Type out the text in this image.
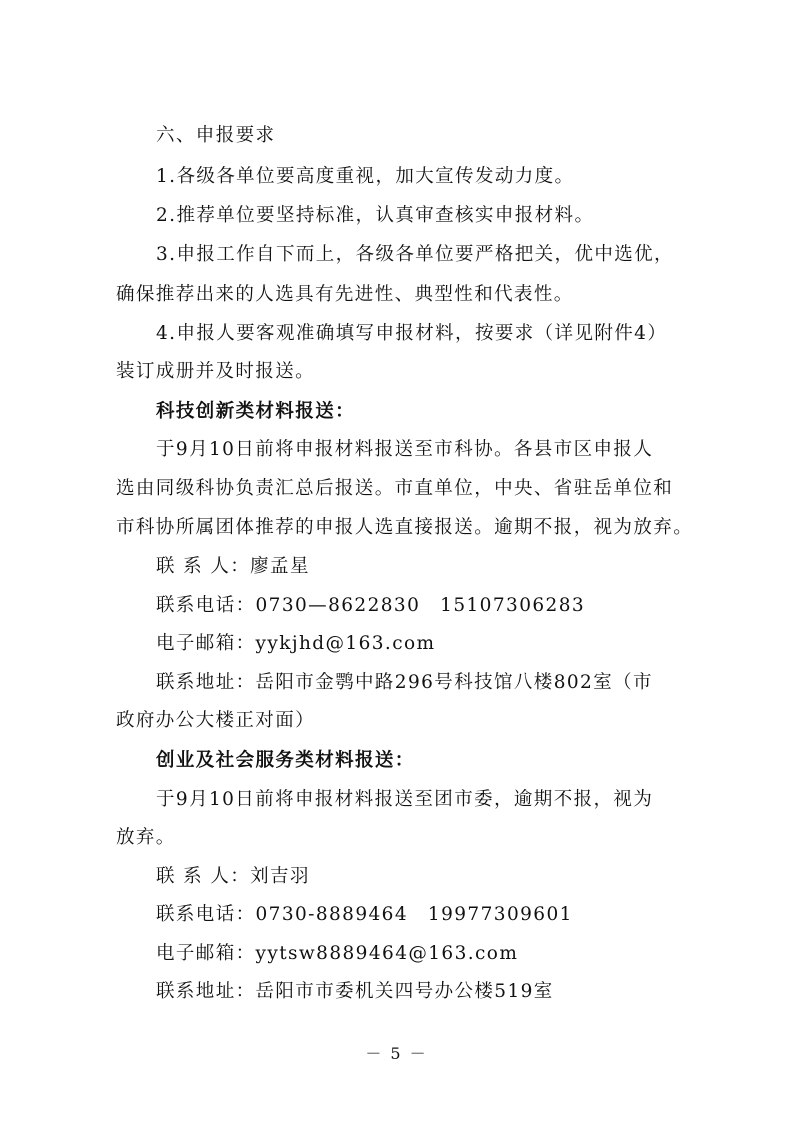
六、申报要求
1.各级各单位要高度重视，加大宣传发动力度。
2.推荐单位要坚持标准，认真审查核实申报材料。
3.申报工作自下而上，各级各单位要严格把关，优中选优，
确保推荐出来的人选具有先进性、典型性和代表性。
4.申报人要客观准确填写申报材料，按要求（详见附件4）
装订成册并及时报送。
科技创新类材料报送：
于9月10日前将申报材料报送至市科协。各县市区申报人
选由同级科协负责汇总后报送。市直单位，中央、省驻岳单位和
市科协所属团体推荐的申报人选直接报送。逾期不报，视为放弃。
联 系 人：廖孟星
联系电话：0730—8622830　15107306283
电子邮箱：yykjhd@163.com
联系地址：岳阳市金鹗中路296号科技馆八楼802室（市
政府办公大楼正对面）
创业及社会服务类材料报送：
于9月10日前将申报材料报送至团市委，逾期不报，视为
放弃。
联 系 人：刘吉羽
联系电话：0730-8889464　19977309601
电子邮箱：yytsw8889464@163.com
联系地址：岳阳市市委机关四号办公楼519室
－ 5 －
